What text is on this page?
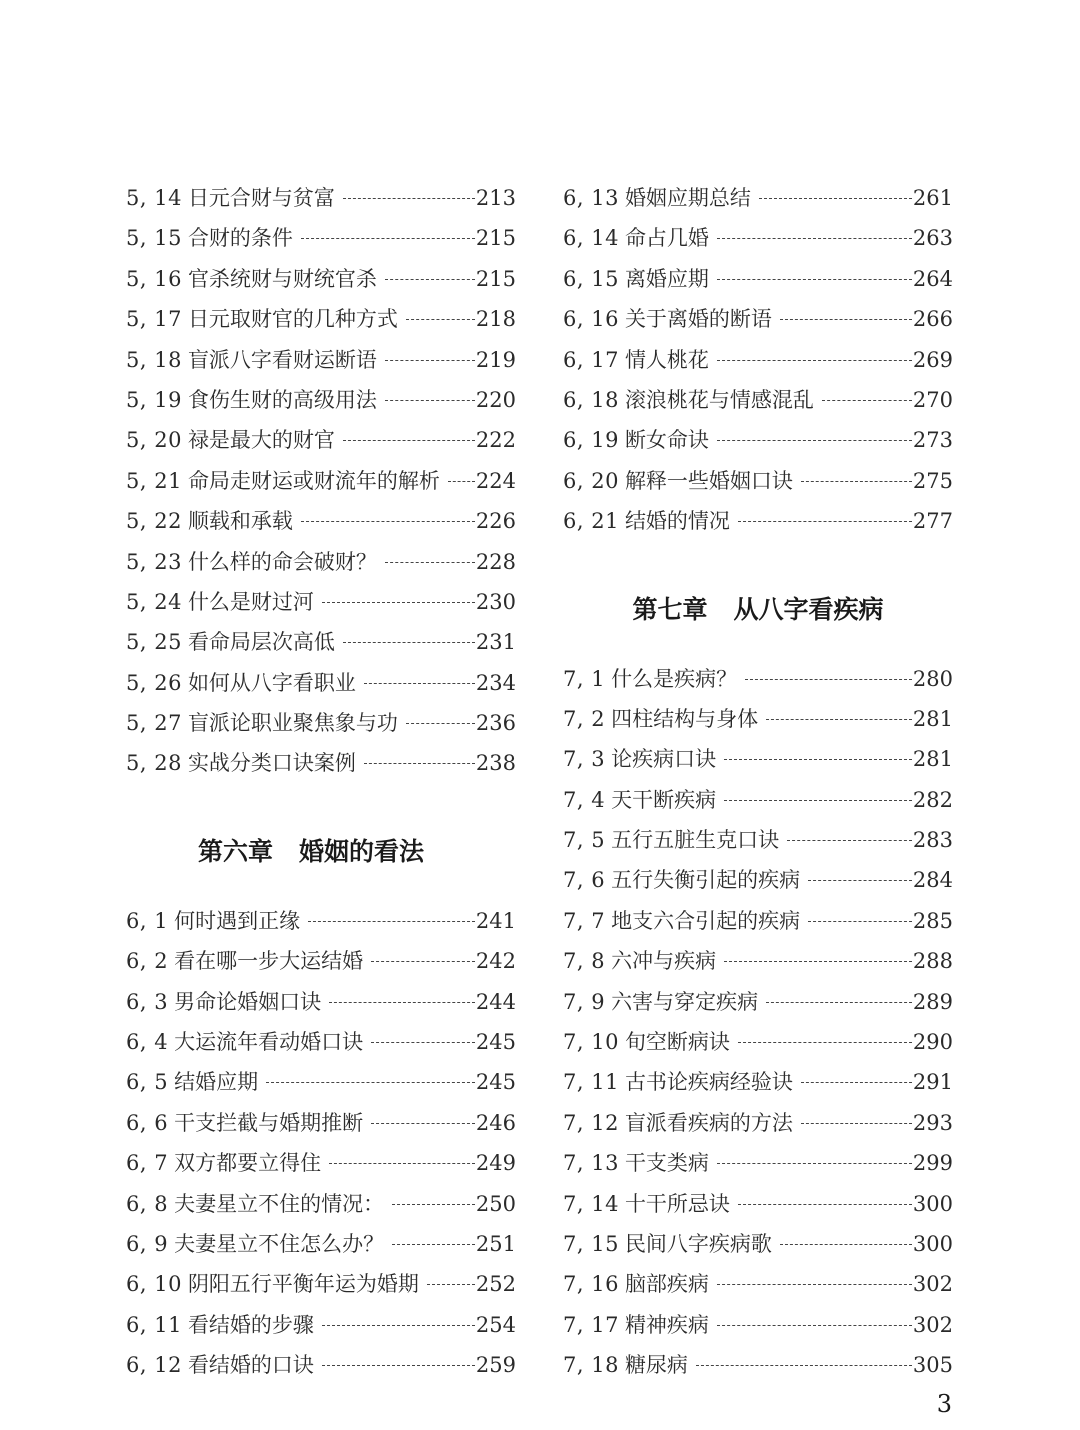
5, 14 日元合财与贫富	213
5, 15 合财的条件	215
5, 16 官杀统财与财统官杀	215
5, 17 日元取财官的几种方式	218
5, 18 盲派八字看财运断语	219
5, 19 食伤生财的高级用法	220
5, 20 禄是最大的财官	222
5, 21 命局走财运或财流年的解析 224
5, 22 顺载和承载	226
5, 23 什么样的命会破财？	228
5, 24 什么是财过河	230
5, 25 看命局层次高低	231
5, 26 如何从八字看职业	234
5, 27 盲派论职业聚焦象与功	236
5, 28 实战分类口诀案例	238
第六章   婚姻的看法
6, 1 何时遇到正缘	241
6, 2 看在哪一步大运结婚	242
6, 3 男命论婚姻口诀	244
6, 4 大运流年看动婚口诀	245
6, 5 结婚应期	245
6, 6 干支拦截与婚期推断	246
6, 7 双方都要立得住	249
6, 8 夫妻星立不住的情况：	250
6, 9 夫妻星立不住怎么办？	251
6, 10 阴阳五行平衡年运为婚期	252
6, 11 看结婚的步骤	254
6, 12 看结婚的口诀	259
6, 13 婚姻应期总结	261
6, 14 命占几婚	263
6, 15 离婚应期	264
6, 16 关于离婚的断语	266
6, 17 情人桃花	269
6, 18 滚浪桃花与情感混乱	270
6, 19 断女命诀	273
6, 20 解释一些婚姻口诀	275
6, 21 结婚的情况	277
第七章   从八字看疾病
7, 1 什么是疾病？	280
7, 2 四柱结构与身体	281
7, 3 论疾病口诀	281
7, 4 天干断疾病	282
7, 5 五行五脏生克口诀	283
7, 6 五行失衡引起的疾病	284
7, 7 地支六合引起的疾病	285
7, 8 六冲与疾病	288
7, 9 六害与穿定疾病	289
7, 10 旬空断病诀	290
7, 11 古书论疾病经验诀	291
7, 12 盲派看疾病的方法	293
7, 13 干支类病	299
7, 14 十干所忌诀	300
7, 15 民间八字疾病歌	300
7, 16 脑部疾病	302
7, 17 精神疾病	302
7, 18 糖尿病	305
3
